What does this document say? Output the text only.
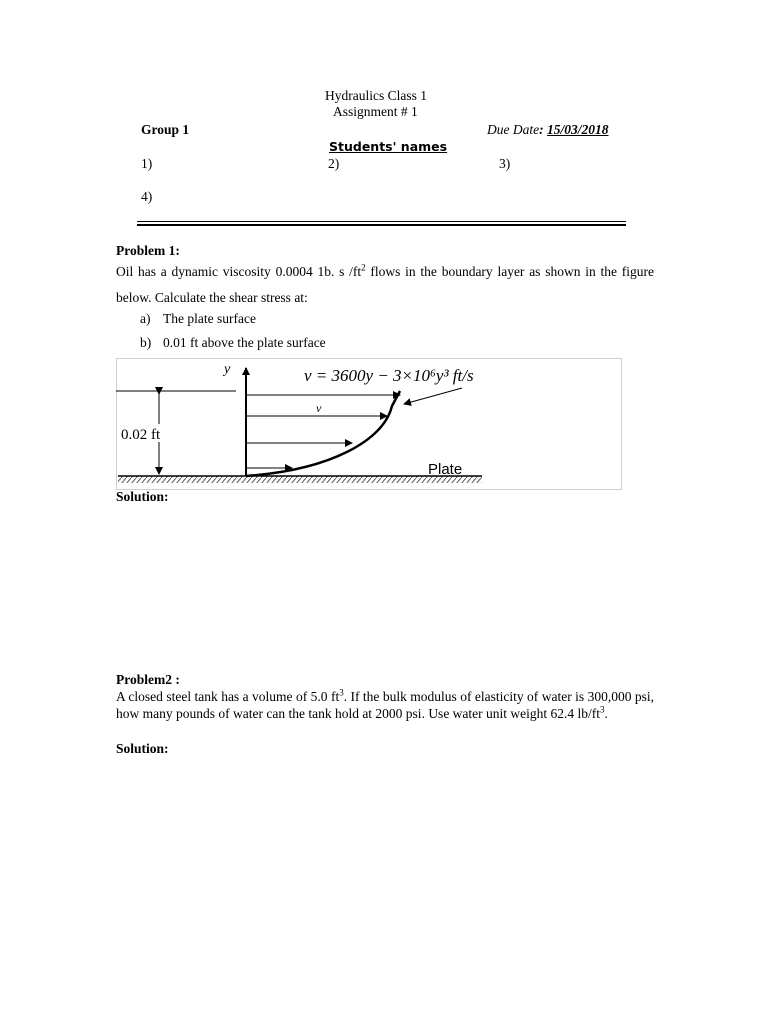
Hydraulics Class 1
Assignment # 1
Group 1	Due Date: 15/03/2018
Students' names
1)	2)	3)
4)
Problem 1:
Oil has a dynamic viscosity 0.0004 1b. s $/ft^2$ flows in the boundary layer as shown in the figure below. Calculate the shear stress at:
a) The plate surface
b) 0.01 ft above the plate surface
y
0.02 ft
v
v = 3600y − 3×10⁶y³ ft/s
Plate
Solution:
Problem2 :
A closed steel tank has a volume of 5.0 $ft^3$. If the bulk modulus of elasticity of water is 300,000 psi, how many pounds of water can the tank hold at 2000 psi. Use water unit weight 62.4 $lb/ft^3$.
Solution:
